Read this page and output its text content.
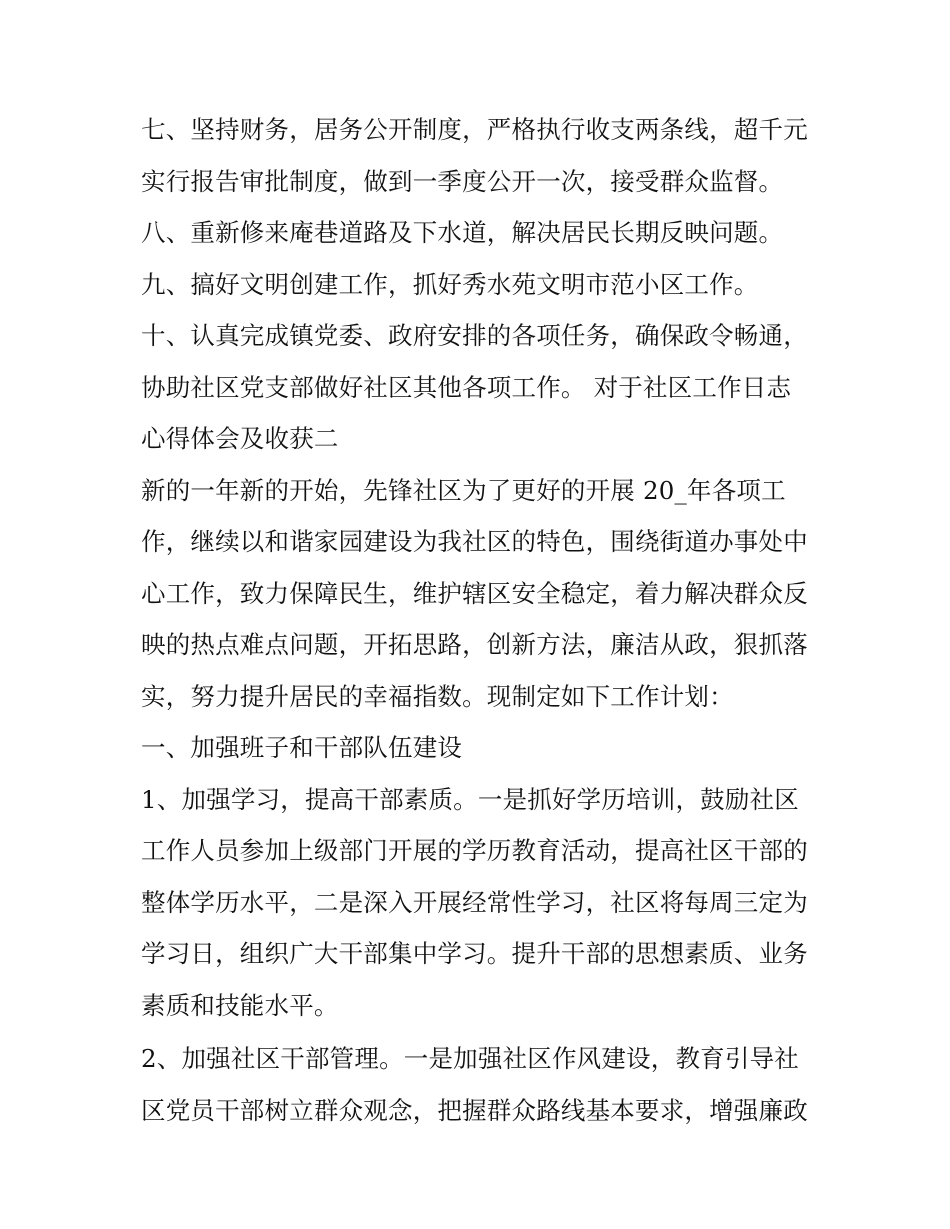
七、坚持财务，居务公开制度，严格执行收支两条线，超千元
实行报告审批制度，做到一季度公开一次，接受群众监督。
八、重新修来庵巷道路及下水道，解决居民长期反映问题。
九、搞好文明创建工作，抓好秀水苑文明市范小区工作。
十、认真完成镇党委、政府安排的各项任务，确保政令畅通，
协助社区党支部做好社区其他各项工作。 对于社区工作日志
心得体会及收获二
新的一年新的开始，先锋社区为了更好的开展 20_年各项工
作，继续以和谐家园建设为我社区的特色，围绕街道办事处中
心工作，致力保障民生，维护辖区安全稳定，着力解决群众反
映的热点难点问题，开拓思路，创新方法，廉洁从政，狠抓落
实，努力提升居民的幸福指数。现制定如下工作计划：
一、加强班子和干部队伍建设
1、加强学习，提高干部素质。一是抓好学历培训，鼓励社区
工作人员参加上级部门开展的学历教育活动，提高社区干部的
整体学历水平，二是深入开展经常性学习，社区将每周三定为
学习日，组织广大干部集中学习。提升干部的思想素质、业务
素质和技能水平。
2、加强社区干部管理。一是加强社区作风建设，教育引导社
区党员干部树立群众观念，把握群众路线基本要求，增强廉政
